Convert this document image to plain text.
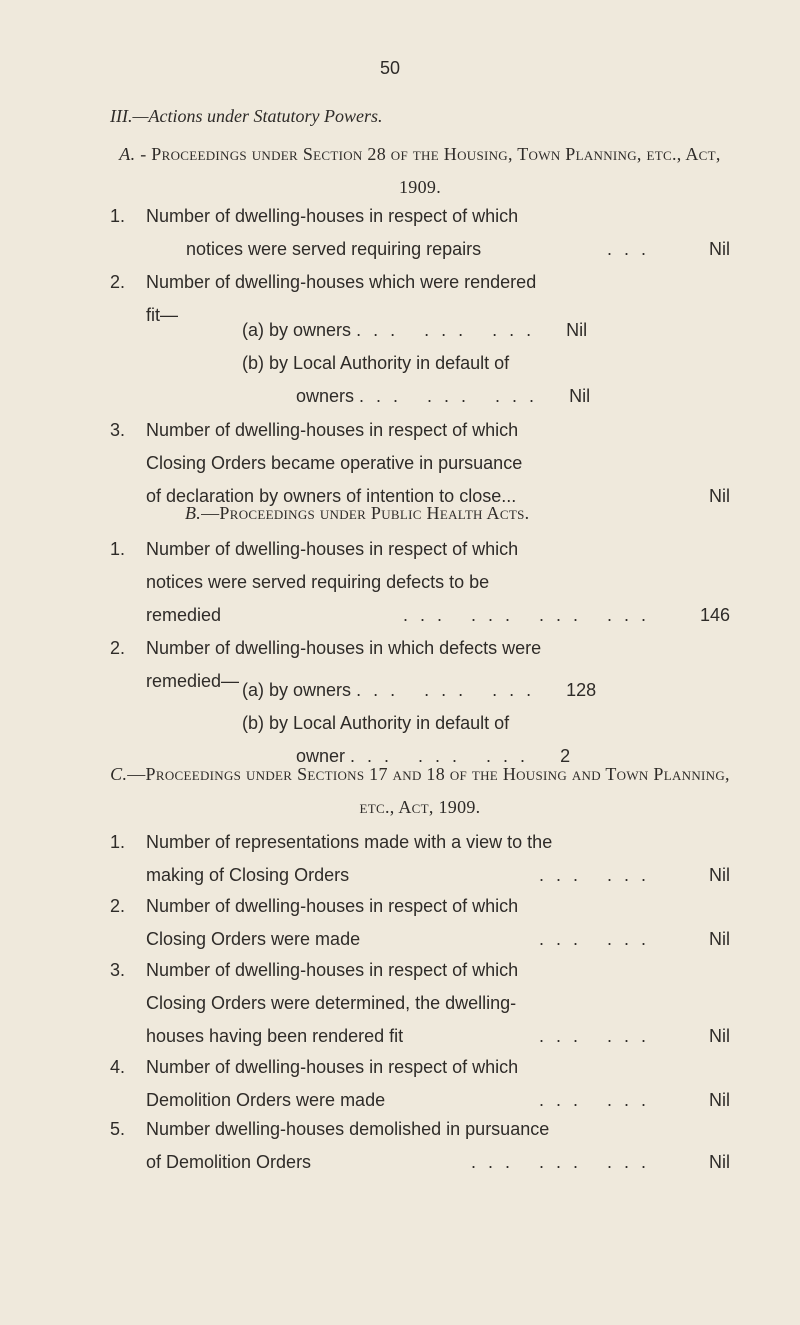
50
III.—Actions under Statutory Powers.
A. - Proceedings under Section 28 of the Housing, Town Planning, etc., Act, 1909.
1.	Number of dwelling-houses in respect of which
notices were served requiring repairs	...	Nil
2.	Number of dwelling-houses which were rendered
fit—
(a) by owners ... ... ... Nil
(b) by Local Authority in default of
owners ... ... ... Nil
3.	Number of dwelling-houses in respect of which
Closing Orders became operative in pursuance
of declaration by owners of intention to close...	Nil
B.—Proceedings under Public Health Acts.
1.	Number of dwelling-houses in respect of which
notices were served requiring defects to be
remedied	... ... ... ...	146
2.	Number of dwelling-houses in which defects were
remedied— (a) by owners ... ... ... 128
(b) by Local Authority in default of
owner ... ... ... 2
C.—Proceedings under Sections 17 and 18 of the Housing and Town Planning, etc., Act, 1909.
1.	Number of representations made with a view to the
making of Closing Orders	... ...	Nil
2.	Number of dwelling-houses in respect of which
Closing Orders were made	... ...	Nil
3.	Number of dwelling-houses in respect of which
Closing Orders were determined, the dwelling-
houses having been rendered fit	... ...	Nil
4.	Number of dwelling-houses in respect of which
Demolition Orders were made	... ...	Nil
5.	Number dwelling-houses demolished in pursuance
of Demolition Orders	... ... ...	Nil
